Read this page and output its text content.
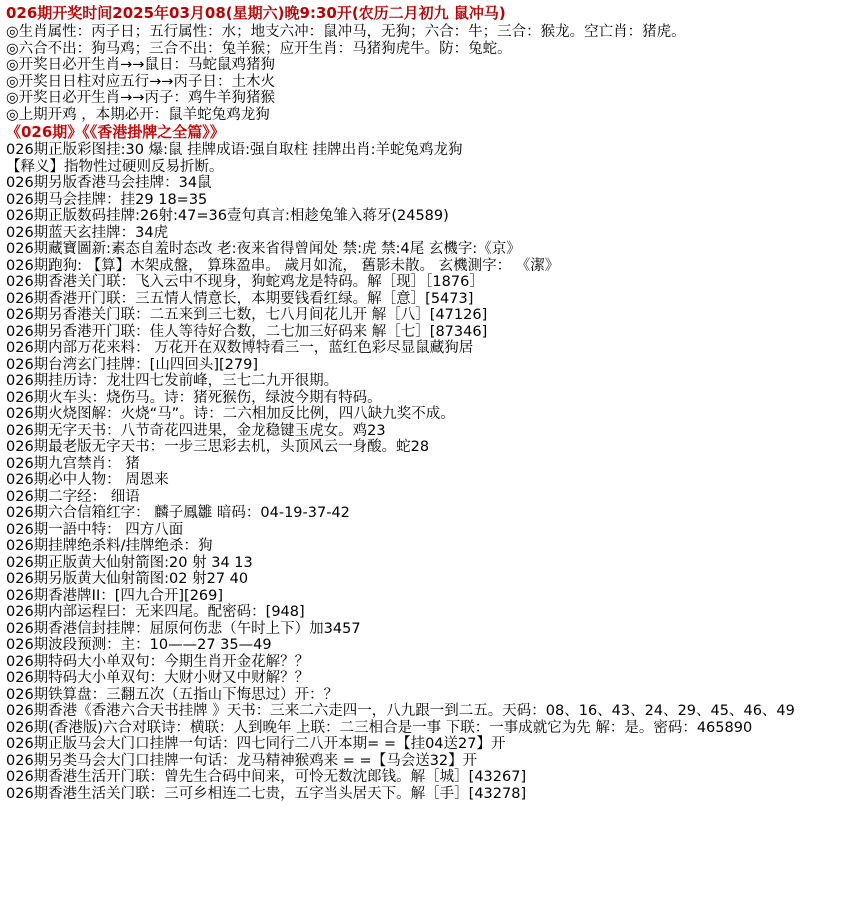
026期开奖时间2025年03月08(星期六)晚9:30开(农历二月初九 鼠冲马)
◎生肖属性：丙子日；五行属性：水；地支六冲：鼠冲马，无狗；六合：牛；三合：猴龙。空亡肖：猪虎。
◎六合不出：狗马鸡；三合不出：兔羊猴；应开生肖：马猪狗虎牛。防：兔蛇。
◎开奖日必开生肖→→鼠日：马蛇鼠鸡猪狗
◎开奖日日柱对应五行→→丙子日：土木火
◎开奖日必开生肖→→丙子：鸡牛羊狗猪猴
◎上期开鸡 ，本期必开：鼠羊蛇兔鸡龙狗
《026期》《《香港掛牌之全篇》》
026期正版彩图挂:30 爆:鼠 挂牌成语:强自取柱 挂牌出肖:羊蛇兔鸡龙狗
【释义】指物性过硬则反易折断。
026期另版香港马会挂牌：34鼠
026期马会挂牌：挂29 18=35
026期正版数码挂牌:26射:47=36壹句真言:相趁兔雏入蒋牙(24589)
026期蓝天玄挂牌：34虎
026期藏寶圖新:素态自羞时态改 老:夜来省得曾闻处 禁:虎 禁:4尾 玄機字:《京》
026期跑狗: 【算】木架成盤， 算珠盈串。 歲月如流， 舊影未散。 玄機測字： 《潔》
026期香港关门联：飞入云中不现身，狗蛇鸡龙是特码。解［现］［1876］
026期香港开门联：三五情人情意长，本期要钱看红绿。解［意］[5473]
026期另香港关门联：二五来到三七数，七八月间花儿开 解［八］[47126]
026期另香港开门联：佳人等待好合数，二七加三好码来 解［七］[87346]
026期内部万花来料： 万花开在双数博特看三一，蓝红色彩尽显鼠藏狗居
026期台湾玄门挂牌：[山四回头][279]
026期挂历诗：龙壮四七发前峰，三七二九开很期。
026期火车头：烧伤马。诗：猪死猴伤，绿波今期有特码。
026期火烧图解：火烧“马”。诗：二六相加反比例，四八缺九奖不成。
026期无字天书：八节奇花四进果，金龙稳键玉虎女。鸡23
026期最老版无字天书：一步三思彩去机，头顶风云一身酸。蛇28
026期九宫禁肖： 猪
026期必中人物： 周恩来
026期二字经： 细语
026期六合信箱红字： 麟子鳳雛 暗码：04-19-37-42
026期一語中特： 四方八面
026期挂牌绝杀料/挂牌绝杀：狗
026期正版黄大仙射箭图:20 射 34 13
026期另版黄大仙射箭图:02 射27 40
026期香港牌II：[四九合开][269]
026期内部运程曰：无来四尾。配密码：[948]
026期香港信封挂牌：屈原何伤悲（午时上下）加3457
026期波段预测：主：10——27 35—49
026期特码大小单双句：今期生肖开金花解？？
026期特码大小单双句：大财小财又中财解？？
026期铁算盘：三翻五次（五指山下悔思过）开：？
026期香港《香港六合天书挂牌 》天书：三来二六走四一，八九跟一到二五。天码：08、16、43、24、29、45、46、49
026期(香港版)六合对联诗：横联：人到晚年 上联：二三相合是一事 下联：一事成就它为先 解：是。密码：465890
026期正版马会大门口挂牌一句话：四七同行二八开本期= =【挂04送27】开
026期另类马会大门口挂牌一句话：龙马精神猴鸡来 = =【马会送32】开
026期香港生活开门联：曾先生合码中间来，可怜无数沈郎钱。解［城］[43267]
026期香港生活关门联：三可乡相连二七贵，五字当头居天下。解［手］[43278]
